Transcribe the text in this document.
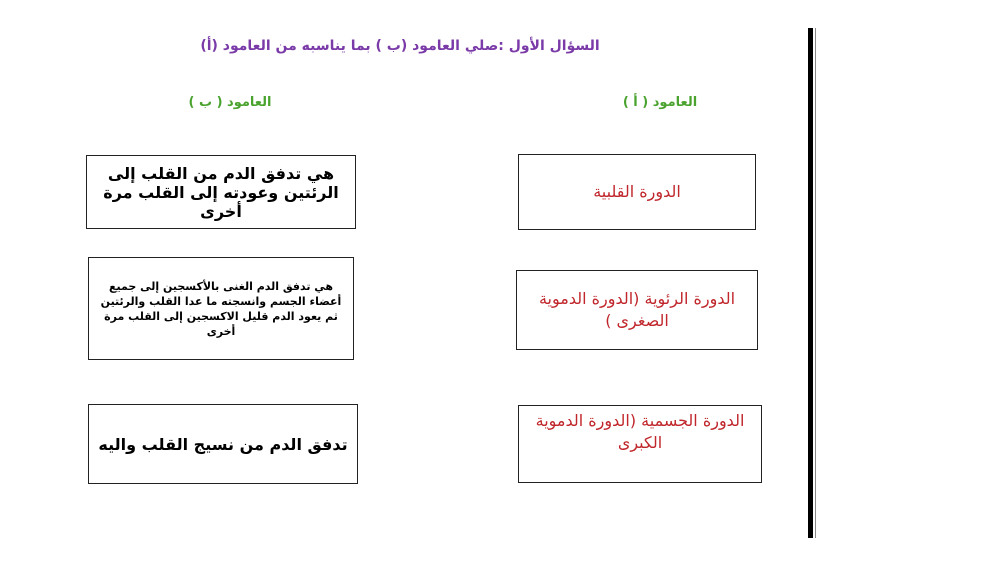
السؤال الأول :صلي العامود (ب ) بما يناسبه من العامود (أ)
العامود ( ب )	العامود ( أ )
هي تدفق الدم من القلب إلى الرئتين وعودته إلى القلب مرة أخرى
هي تدفق الدم الغنى بالأكسجين إلى جميع أعضاء الجسم وانسجته ما عدا القلب والرئتين ثم يعود الدم قليل الاكسجين إلى القلب مرة أخرى
تدفق الدم من نسيج القلب واليه
الدورة القلبية
الدورة الرئوية (الدورة الدموية الصغرى )
الدورة الجسمية (الدورة الدموية الكبرى
